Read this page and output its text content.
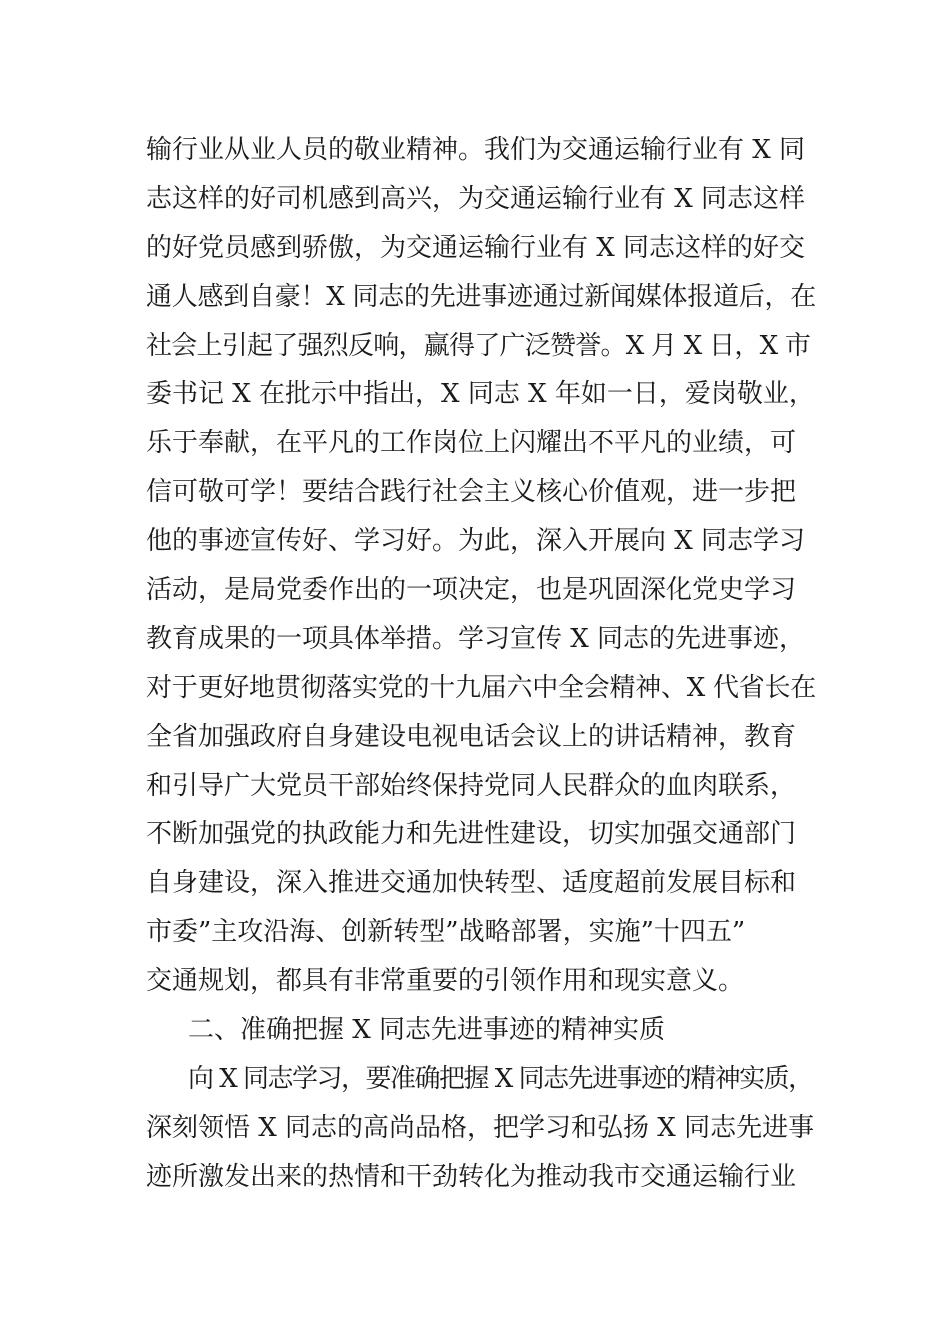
输行业从业人员的敬业精神。我们为交通运输行业有 X 同
志这样的好司机感到高兴，为交通运输行业有 X 同志这样
的好党员感到骄傲，为交通运输行业有 X 同志这样的好交
通人感到自豪！X 同志的先进事迹通过新闻媒体报道后，在
社会上引起了强烈反响，赢得了广泛赞誉。X 月 X 日，X 市
委书记 X 在批示中指出，X 同志 X 年如一日，爱岗敬业，
乐于奉献，在平凡的工作岗位上闪耀出不平凡的业绩，可
信可敬可学！要结合践行社会主义核心价值观，进一步把
他的事迹宣传好、学习好。为此，深入开展向 X 同志学习
活动，是局党委作出的一项决定，也是巩固深化党史学习
教育成果的一项具体举措。学习宣传 X 同志的先进事迹，
对于更好地贯彻落实党的十九届六中全会精神、X 代省长在
全省加强政府自身建设电视电话会议上的讲话精神，教育
和引导广大党员干部始终保持党同人民群众的血肉联系，
不断加强党的执政能力和先进性建设，切实加强交通部门
自身建设，深入推进交通加快转型、适度超前发展目标和
市委”主攻沿海、创新转型”战略部署，实施”十四五”
交通规划，都具有非常重要的引领作用和现实意义。
二、准确把握 X 同志先进事迹的精神实质
向 X 同志学习，要准确把握 X 同志先进事迹的精神实质，
深刻领悟 X 同志的高尚品格，把学习和弘扬 X 同志先进事
迹所激发出来的热情和干劲转化为推动我市交通运输行业
